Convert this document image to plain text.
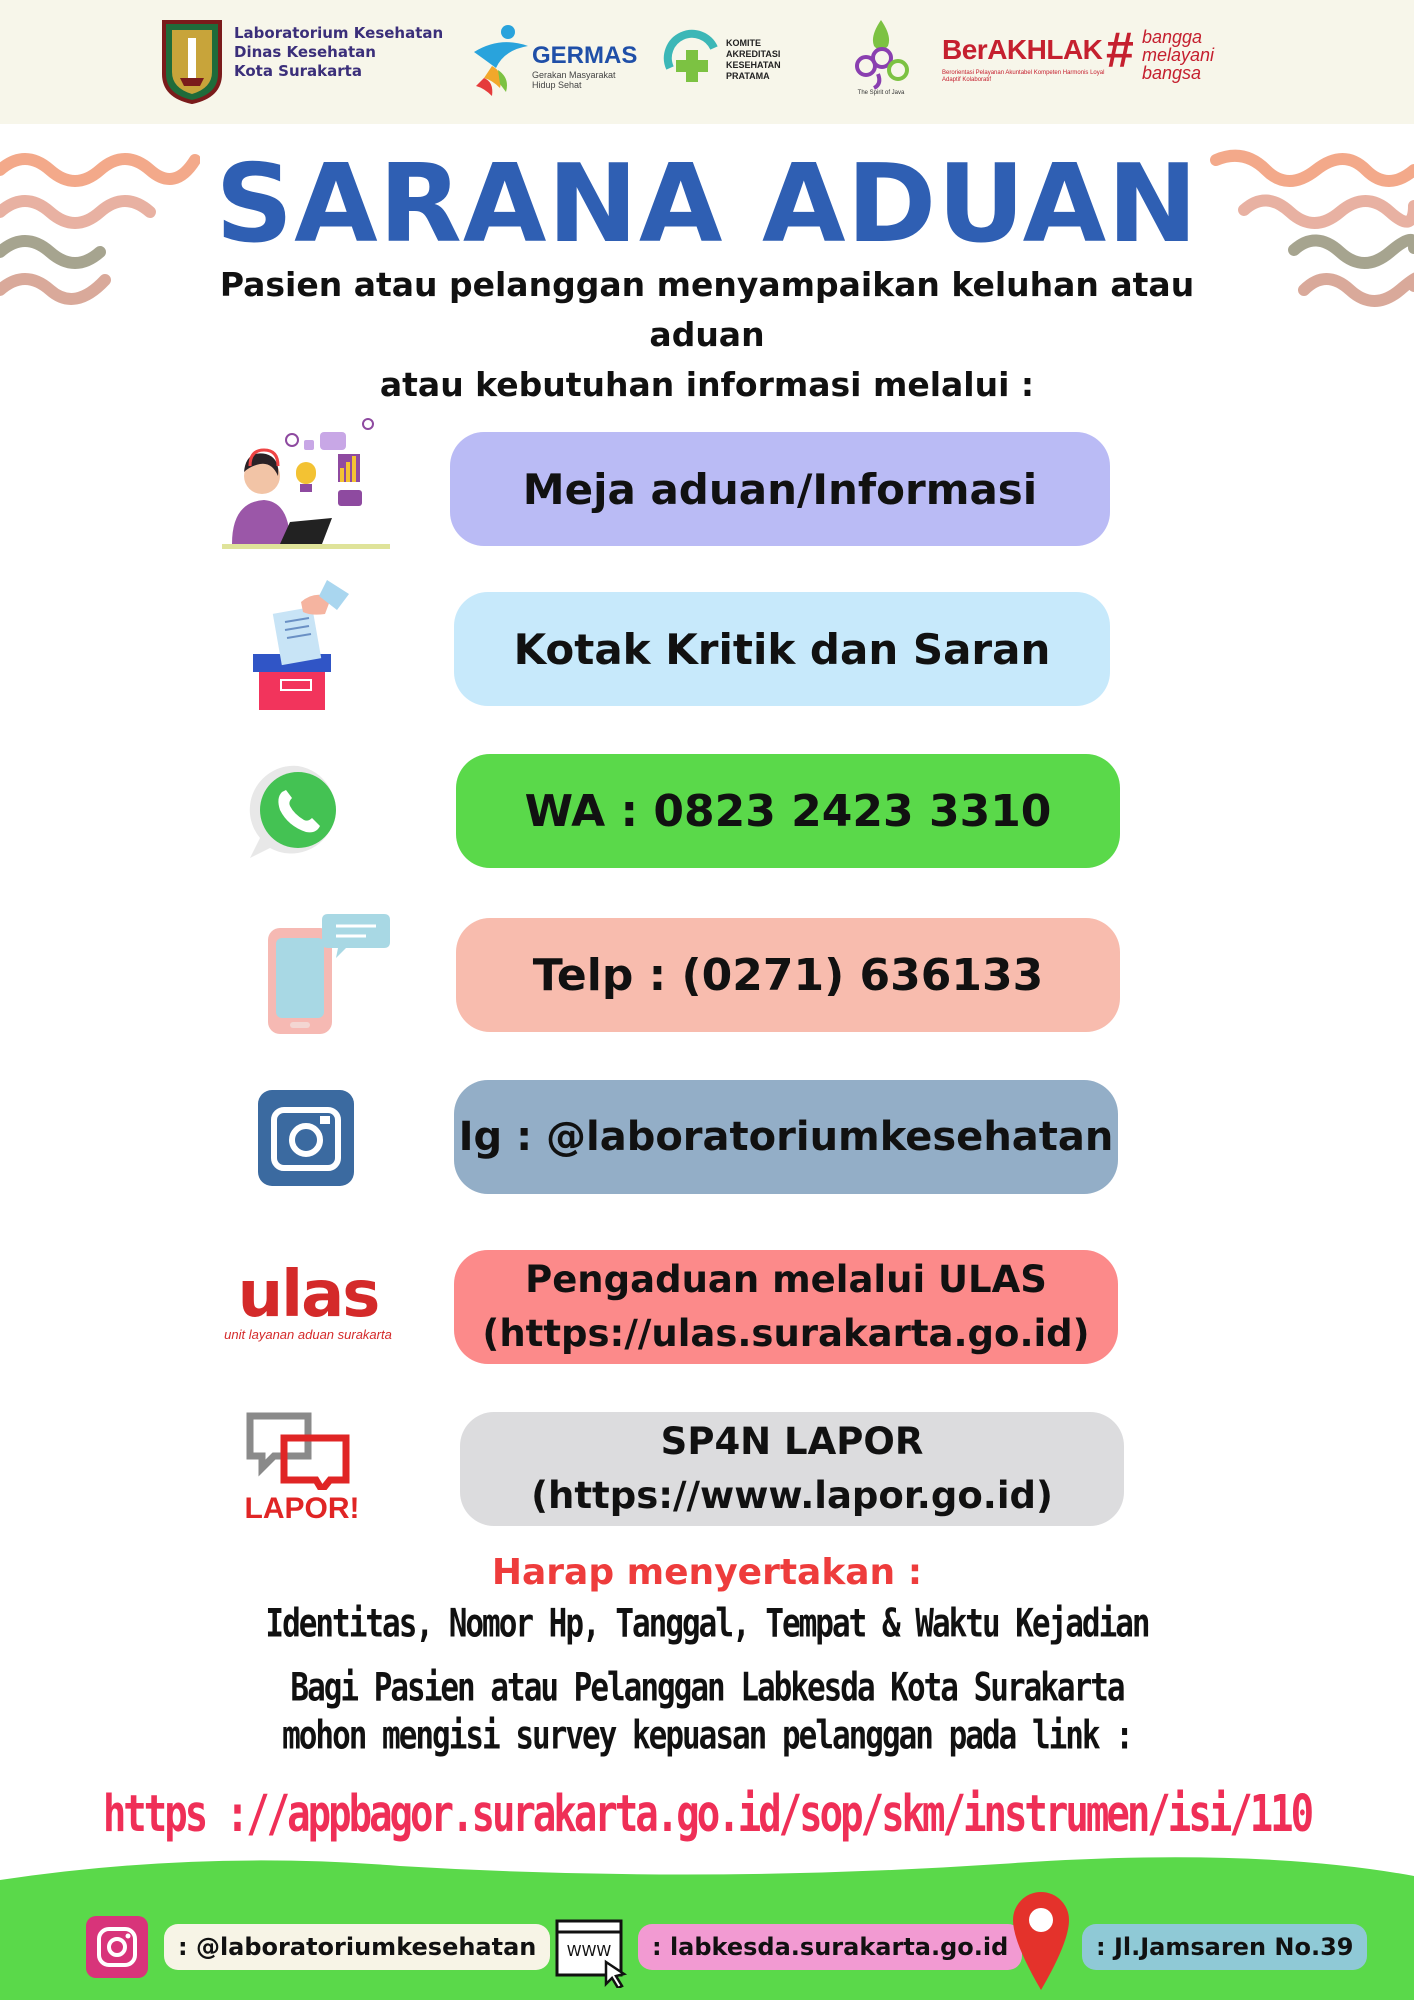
Laboratorium Kesehatan
Dinas Kesehatan
Kota Surakarta
GERMAS
Gerakan Masyarakat Hidup Sehat
KOMITE
AKREDITASI
KESEHATAN
PRATAMA
The Spirit of Java
BerAKHLAK
Berorientasi Pelayanan Akuntabel Kompeten Harmonis Loyal Adaptif Kolaboratif
# bangga
melayani
bangsa
SARANA ADUAN
Pasien atau pelanggan menyampaikan keluhan atau aduan
atau kebutuhan informasi melalui :
Meja aduan/Informasi
Kotak Kritik dan Saran
WA : 0823 2423 3310
Telp : (0271) 636133
Ig : @laboratoriumkesehatan
ulas
unit layanan aduan surakarta
Pengaduan melalui ULAS
(https://ulas.surakarta.go.id)
LAPOR!
SP4N LAPOR
(https://www.lapor.go.id)
Harap menyertakan :
Identitas, Nomor Hp, Tanggal, Tempat & Waktu Kejadian
Bagi Pasien atau Pelanggan Labkesda Kota Surakarta
mohon mengisi survey kepuasan pelanggan pada link :
https ://appbagor.surakarta.go.id/sop/skm/instrumen/isi/110
: @laboratoriumkesehatan	WWW	: labkesda.surakarta.go.id	: Jl.Jamsaren No.39
